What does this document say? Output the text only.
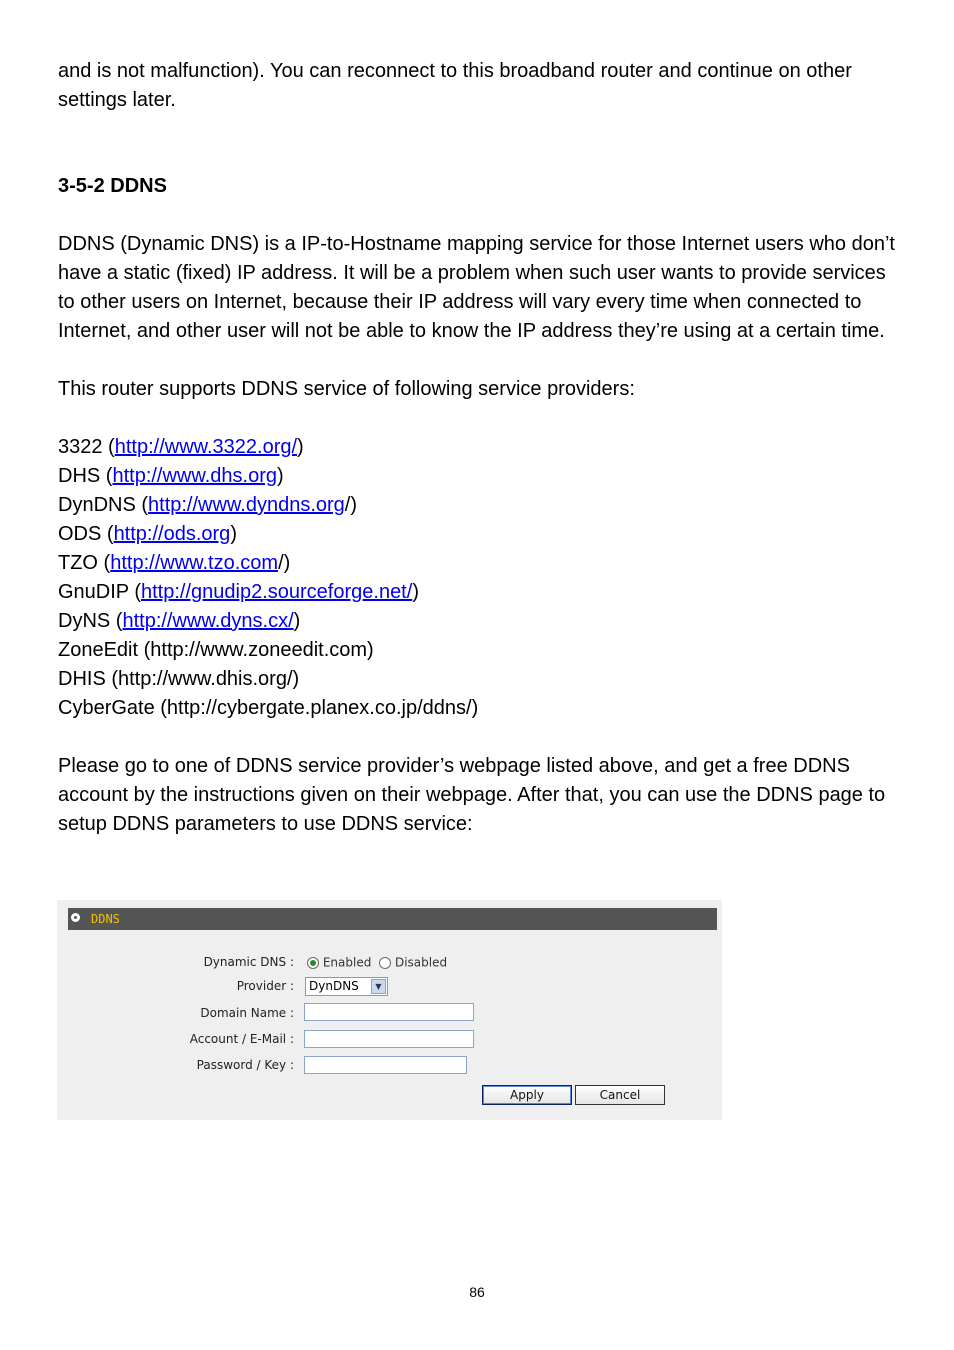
and is not malfunction). You can reconnect to this broadband router and continue on other settings later.

3-5-2 DDNS

DDNS (Dynamic DNS) is a IP-to-Hostname mapping service for those Internet users who don’t have a static (fixed) IP address. It will be a problem when such user wants to provide services to other users on Internet, because their IP address will vary every time when connected to Internet, and other user will not be able to know the IP address they’re using at a certain time.

This router supports DDNS service of following service providers:

3322 (http://www.3322.org/)
DHS (http://www.dhs.org)
DynDNS (http://www.dyndns.org/)
ODS (http://ods.org)
TZO (http://www.tzo.com/)
GnuDIP (http://gnudip2.sourceforge.net/)
DyNS (http://www.dyns.cx/)
ZoneEdit (http://www.zoneedit.com)
DHIS (http://www.dhis.org/)
CyberGate (http://cybergate.planex.co.jp/ddns/)

Please go to one of DDNS service provider’s webpage listed above, and get a free DDNS account by the instructions given on their webpage. After that, you can use the DDNS page to setup DDNS parameters to use DDNS service:

DDNS
Dynamic DNS :	Enabled Disabled
Provider : DynDNS	▼
Domain Name :
Account / E-Mail :
Password / Key :
Apply	Cancel
86
